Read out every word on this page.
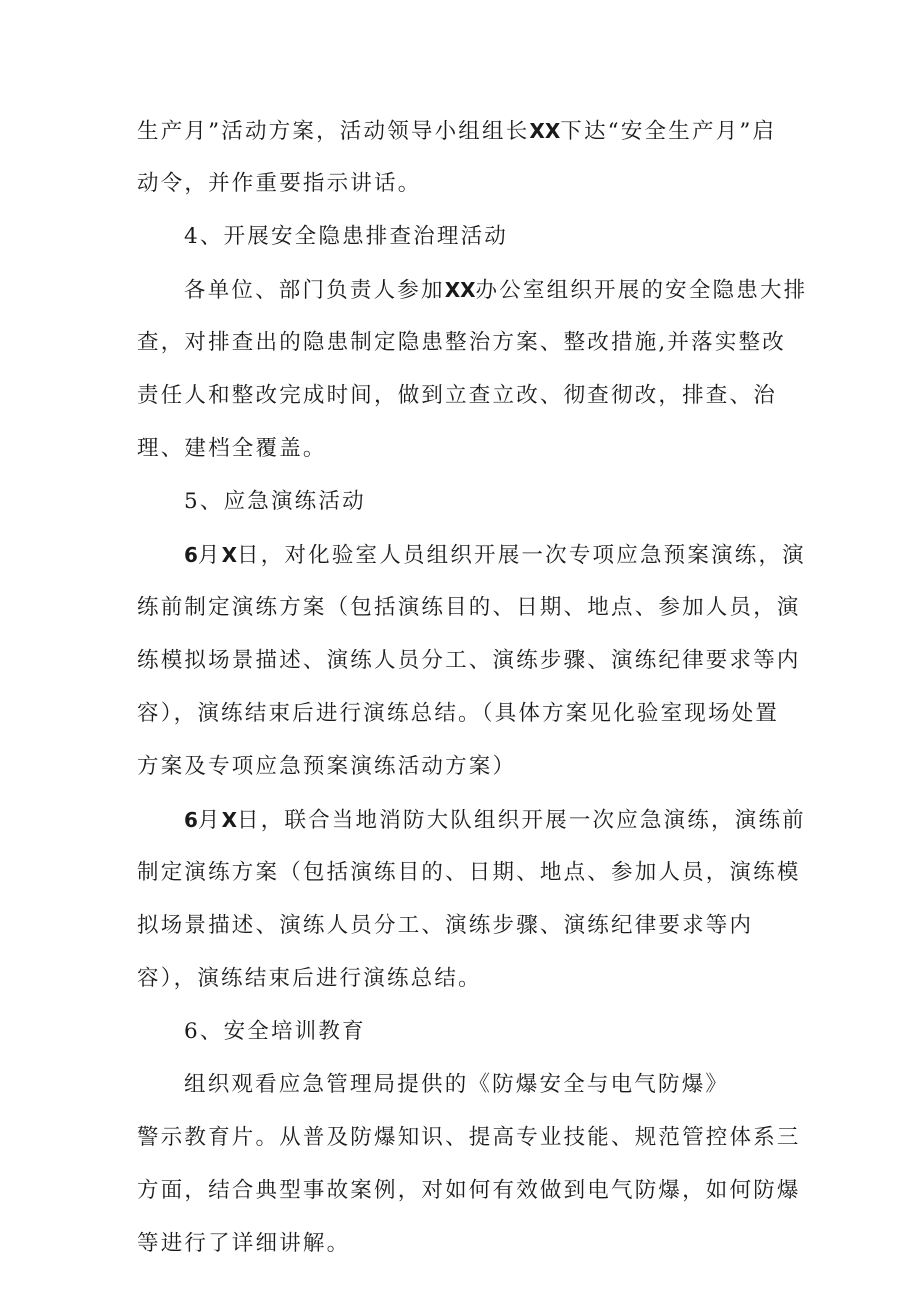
生产月”活动方案，活动领导小组组长XX下达“安全生产月”启
动令，并作重要指示讲话。
4、开展安全隐患排查治理活动
各单位、部门负责人参加XX办公室组织开展的安全隐患大排
查，对排查出的隐患制定隐患整治方案、整改措施,并落实整改
责任人和整改完成时间，做到立查立改、彻查彻改，排查、治
理、建档全覆盖。
5、应急演练活动
6月X日，对化验室人员组织开展一次专项应急预案演练，演
练前制定演练方案（包括演练目的、日期、地点、参加人员，演
练模拟场景描述、演练人员分工、演练步骤、演练纪律要求等内
容），演练结束后进行演练总结。（具体方案见化验室现场处置
方案及专项应急预案演练活动方案）
6月X日，联合当地消防大队组织开展一次应急演练，演练前
制定演练方案（包括演练目的、日期、地点、参加人员，演练模
拟场景描述、演练人员分工、演练步骤、演练纪律要求等内
容），演练结束后进行演练总结。
6、安全培训教育
组织观看应急管理局提供的《防爆安全与电气防爆》
警示教育片。从普及防爆知识、提高专业技能、规范管控体系三
方面，结合典型事故案例，对如何有效做到电气防爆，如何防爆
等进行了详细讲解。
